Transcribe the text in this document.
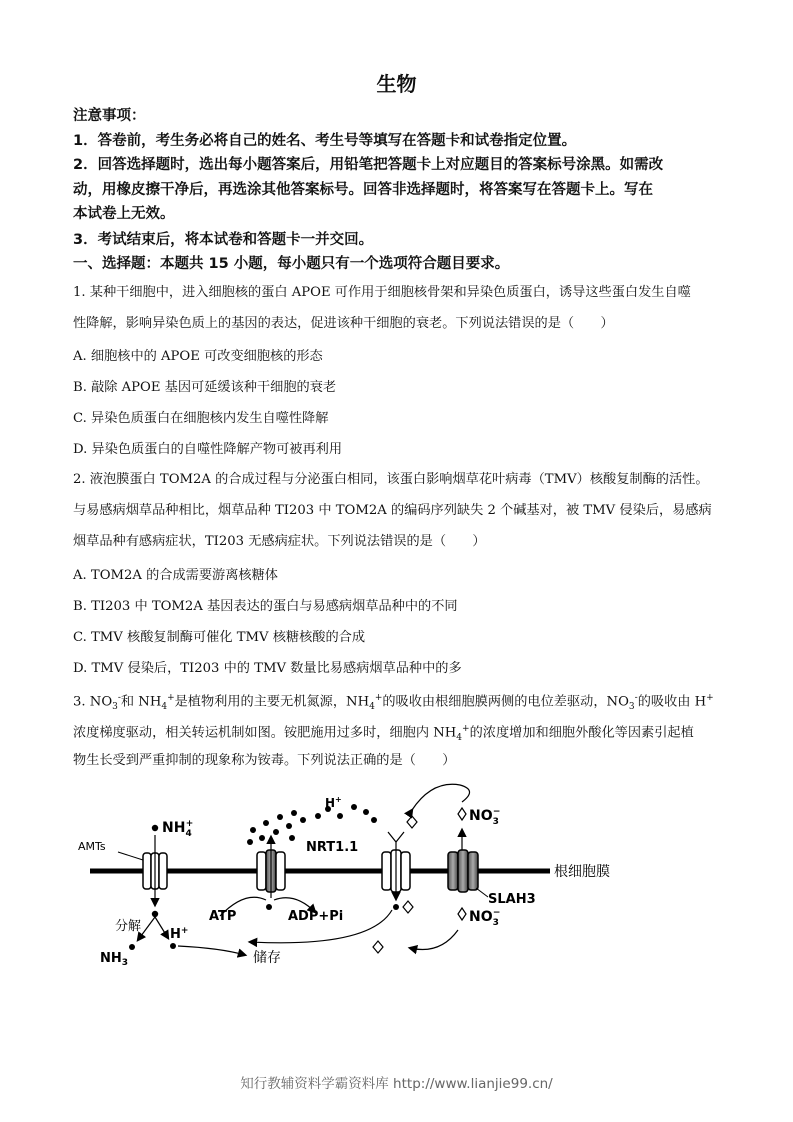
生物
注意事项：
1．答卷前，考生务必将自己的姓名、考生号等填写在答题卡和试卷指定位置。
2．回答选择题时，选出每小题答案后，用铅笔把答题卡上对应题目的答案标号涂黑。如需改
动，用橡皮擦干净后，再选涂其他答案标号。回答非选择题时，将答案写在答题卡上。写在
本试卷上无效。
3．考试结束后，将本试卷和答题卡一并交回。
一、选择题：本题共 15 小题，每小题只有一个选项符合题目要求。
1. 某种干细胞中，进入细胞核的蛋白 APOE 可作用于细胞核骨架和异染色质蛋白，诱导这些蛋白发生自噬
性降解，影响异染色质上的基因的表达，促进该种干细胞的衰老。下列说法错误的是（　　）
A. 细胞核中的 APOE 可改变细胞核的形态
B. 敲除 APOE 基因可延缓该种干细胞的衰老
C. 异染色质蛋白在细胞核内发生自噬性降解
D. 异染色质蛋白的自噬性降解产物可被再利用
2. 液泡膜蛋白 TOM2A 的合成过程与分泌蛋白相同，该蛋白影响烟草花叶病毒（TMV）核酸复制酶的活性。
与易感病烟草品种相比，烟草品种 TI203 中 TOM2A 的编码序列缺失 2 个碱基对，被 TMV 侵染后，易感病
烟草品种有感病症状，TI203 无感病症状。下列说法错误的是（　　）
A. TOM2A 的合成需要游离核糖体
B. TI203 中 TOM2A 基因表达的蛋白与易感病烟草品种中的不同
C. TMV 核酸复制酶可催化 TMV 核糖核酸的合成
D. TMV 侵染后，TI203 中的 TMV 数量比易感病烟草品种中的多
3. $NO_3^-$和 $NH_4^+$是植物利用的主要无机氮源，$NH_4^+$的吸收由根细胞膜两侧的电位差驱动，$NO_3^-$的吸收由 H+
浓度梯度驱动，相关转运机制如图。铵肥施用过多时，细胞内 $NH_4^+$的浓度增加和细胞外酸化等因素引起植
物生长受到严重抑制的现象称为铵毒。下列说法正确的是（　　）
根细胞膜
AMTs
$NH_4+$
分解
$NH_3$
H+
储存
ATP	ADP+Pi
H+
NRT1.1
SLAH3
$NO_3-$
$NO_3-$
知行教辅资料学霸资料库 http://www.lianjie99.cn/
